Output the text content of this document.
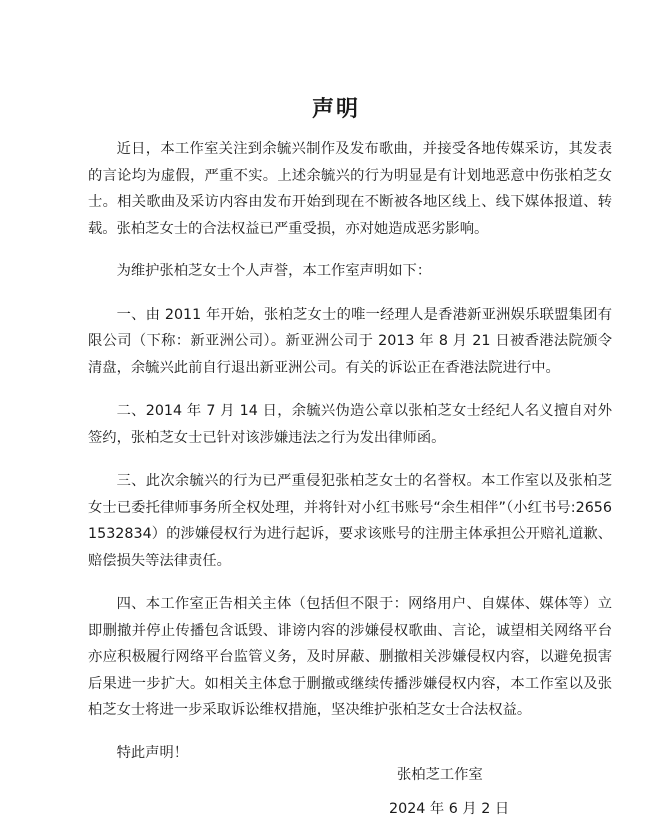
声明

近日，本工作室关注到余毓兴制作及发布歌曲，并接受各地传媒采访，其发表的言论均为虚假，严重不实。上述余毓兴的行为明显是有计划地恶意中伤张柏芝女士。相关歌曲及采访内容由发布开始到现在不断被各地区线上、线下媒体报道、转载。张柏芝女士的合法权益已严重受损，亦对她造成恶劣影响。

为维护张柏芝女士个人声誉，本工作室声明如下：

一、由 2011 年开始，张柏芝女士的唯一经理人是香港新亚洲娱乐联盟集团有限公司（下称：新亚洲公司）。新亚洲公司于 2013 年 8 月 21 日被香港法院颁令清盘，余毓兴此前自行退出新亚洲公司。有关的诉讼正在香港法院进行中。

二、2014 年 7 月 14 日，余毓兴伪造公章以张柏芝女士经纪人名义擅自对外签约，张柏芝女士已针对该涉嫌违法之行为发出律师函。

三、此次余毓兴的行为已严重侵犯张柏芝女士的名誉权。本工作室以及张柏芝女士已委托律师事务所全权处理，并将针对小红书账号“余生相伴”（小红书号:2656153283​4）的涉嫌侵权行为进行起诉，要求该账号的注册主体承担公开赔礼道歉、赔偿损失等法律责任。

四、本工作室正告相关主体（包括但不限于：网络用户、自媒体、媒体等）立即删撤并停止传播包含诋毁、诽谤内容的涉嫌侵权歌曲、言论，诚望相关网络平台亦应积极履行网络平台监管义务，及时屏蔽、删撤相关涉嫌侵权内容，以避免损害后果进一步扩大。如相关主体怠于删撤或继续传播涉嫌侵权内容，本工作室以及张柏芝女士将进一步采取诉讼维权措施，坚决维护张柏芝女士合法权益。

特此声明！

张柏芝工作室
2024 年 6 月 2 日
